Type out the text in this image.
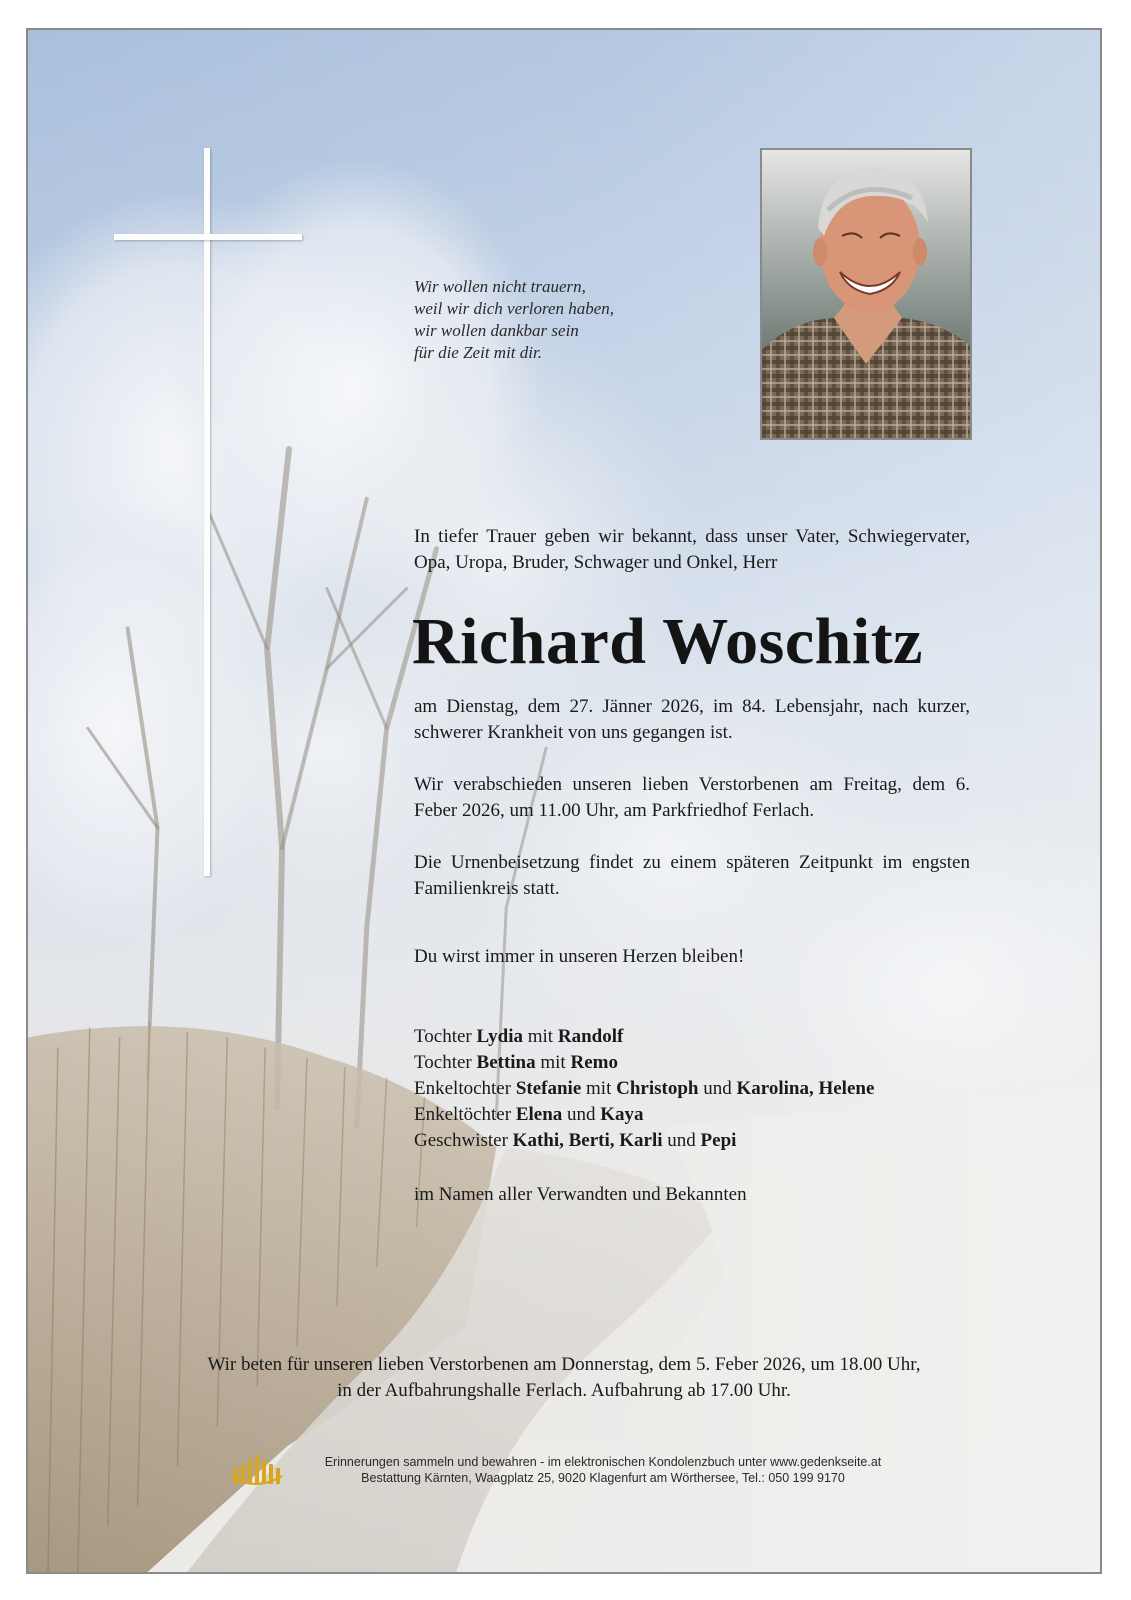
Wir wollen nicht trauern,
weil wir dich verloren haben,
wir wollen dankbar sein
für die Zeit mit dir.
In tiefer Trauer geben wir bekannt, dass unser Vater, Schwiegervater, Opa, Uropa, Bruder, Schwager und Onkel, Herr
Richard Woschitz
am Dienstag, dem 27. Jänner 2026, im 84. Lebensjahr, nach kurzer, schwerer Krankheit von uns gegangen ist.
Wir verabschieden unseren lieben Verstorbenen am Freitag, dem 6. Feber 2026, um 11.00 Uhr, am Parkfriedhof Ferlach.
Die Urnenbeisetzung findet zu einem späteren Zeitpunkt im engsten Familienkreis statt.
Du wirst immer in unseren Herzen bleiben!
Tochter Lydia mit Randolf
Tochter Bettina mit Remo
Enkeltochter Stefanie mit Christoph und Karolina, Helene
Enkeltöchter Elena und Kaya
Geschwister Kathi, Berti, Karli und Pepi
im Namen aller Verwandten und Bekannten
Wir beten für unseren lieben Verstorbenen am Donnerstag, dem 5. Feber 2026, um 18.00 Uhr,
in der Aufbahrungshalle Ferlach. Aufbahrung ab 17.00 Uhr.
Erinnerungen sammeln und bewahren - im elektronischen Kondolenzbuch unter www.gedenkseite.at
Bestattung Kärnten, Waagplatz 25, 9020 Klagenfurt am Wörthersee, Tel.: 050 199 9170
